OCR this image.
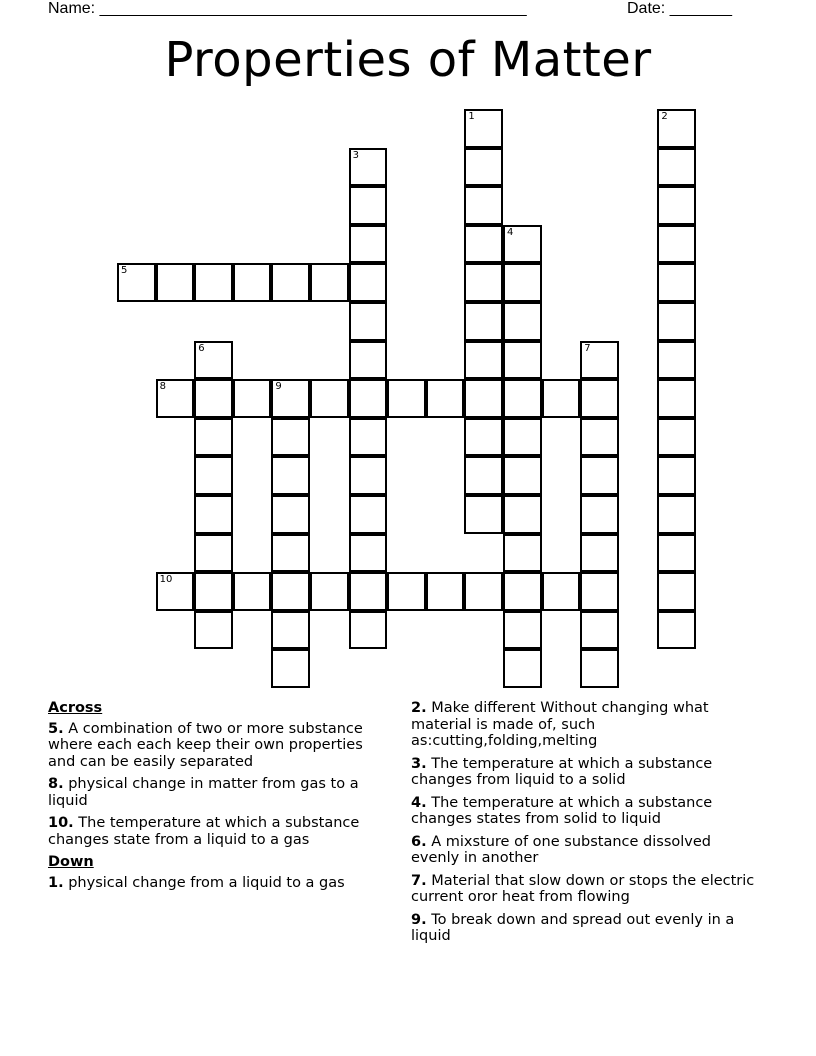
Name: ________________________________________________	Date: _______
Properties of Matter
5
8	9
10
1	2
3
4
6	7
Across
5. A combination of two or more substance where each each keep their own properties and can be easily separated
8. physical change in matter from gas to a liquid
10. The temperature at which a substance changes state from a liquid to a gas
Down
1. physical change from a liquid to a gas
2. Make different Without changing what material is made of, such as:cutting,folding,melting
3. The temperature at which a substance changes from liquid to a solid
4. The temperature at which a substance changes states from solid to liquid
6. A mixsture of one substance dissolved evenly in another
7. Material that slow down or stops the electric current oror heat from flowing
9. To break down and spread out evenly in a liquid
